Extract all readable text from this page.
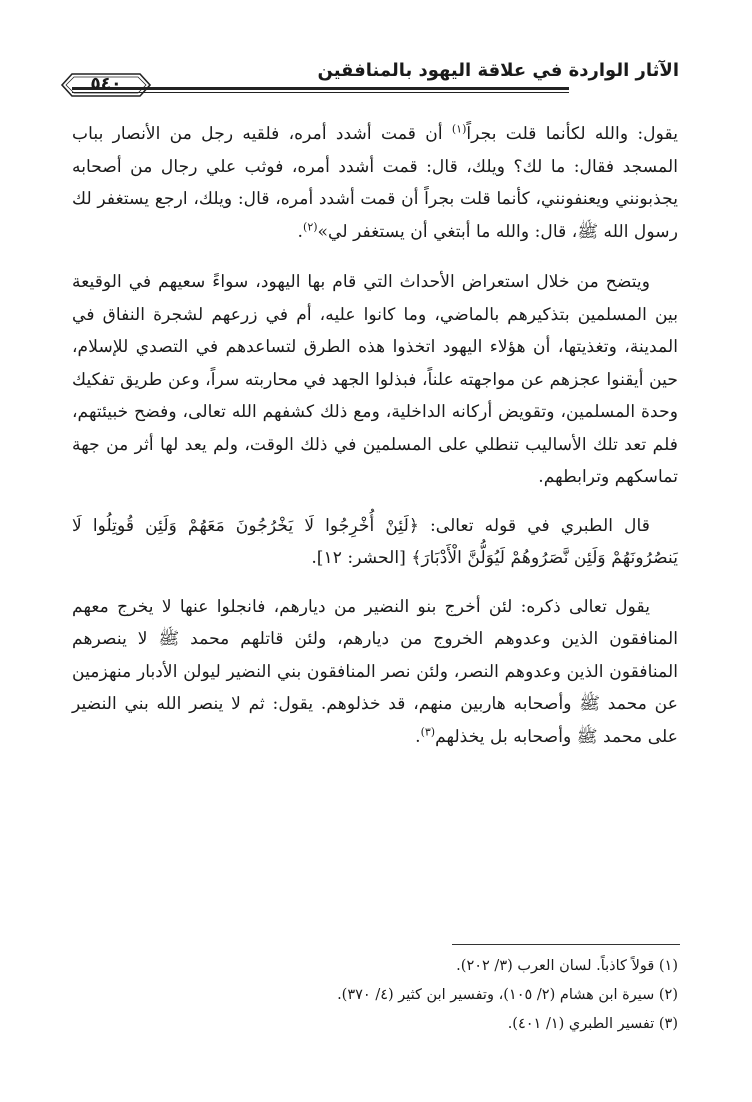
الآثار الواردة في علاقة اليهود بالمنافقين
٥٤٠

يقول: والله لكأنما قلت بجراً$^{(١)}$ أن قمت أشدد أمره، فلقيه رجل من الأنصار بباب المسجد فقال: ما لك؟ ويلك، قال: قمت أشدد أمره، فوثب علي رجال من أصحابه يجذبونني ويعنفونني، كأنما قلت بجراً أن قمت أشدد أمره، قال: ويلك، ارجع يستغفر لك رسول الله ﷺ، قال: والله ما أبتغي أن يستغفر لي»$^{(٢)}$.

ويتضح من خلال استعراض الأحداث التي قام بها اليهود، سواءً سعيهم في الوقيعة بين المسلمين بتذكيرهم بالماضي، وما كانوا عليه، أم في زرعهم لشجرة النفاق في المدينة، وتغذيتها، أن هؤلاء اليهود اتخذوا هذه الطرق لتساعدهم في التصدي للإسلام، حين أيقنوا عجزهم عن مواجهته علناً، فبذلوا الجهد في محاربته سراً، وعن طريق تفكيك وحدة المسلمين، وتقويض أركانه الداخلية، ومع ذلك كشفهم الله تعالى، وفضح خبيئتهم، فلم تعد تلك الأساليب تنطلي على المسلمين في ذلك الوقت، ولم يعد لها أثر من جهة تماسكهم وترابطهم.

قال الطبري في قوله تعالى: ﴿لَئِنْ أُخْرِجُوا لَا يَخْرُجُونَ مَعَهُمْ وَلَئِن قُوتِلُوا لَا يَنصُرُونَهُمْ وَلَئِن نَّصَرُوهُمْ لَيُوَلُّنَّ الْأَدْبَارَ﴾ [الحشر: ١٢].

يقول تعالى ذكره: لئن أخرج بنو النضير من ديارهم، فانجلوا عنها لا يخرج معهم المنافقون الذين وعدوهم الخروج من ديارهم، ولئن قاتلهم محمد ﷺ لا ينصرهم المنافقون الذين وعدوهم النصر، ولئن نصر المنافقون بني النضير ليولن الأدبار منهزمين عن محمد ﷺ وأصحابه هاربين منهم، قد خذلوهم. يقول: ثم لا ينصر الله بني النضير على محمد ﷺ وأصحابه بل يخذلهم$^{(٣)}$.

(١) قولاً كاذباً. لسان العرب (٣/ ٢٠٢).
(٢) سيرة ابن هشام (٢/ ١٠٥)، وتفسير ابن كثير (٤/ ٣٧٠).
(٣) تفسير الطبري (١/ ٤٠١).
